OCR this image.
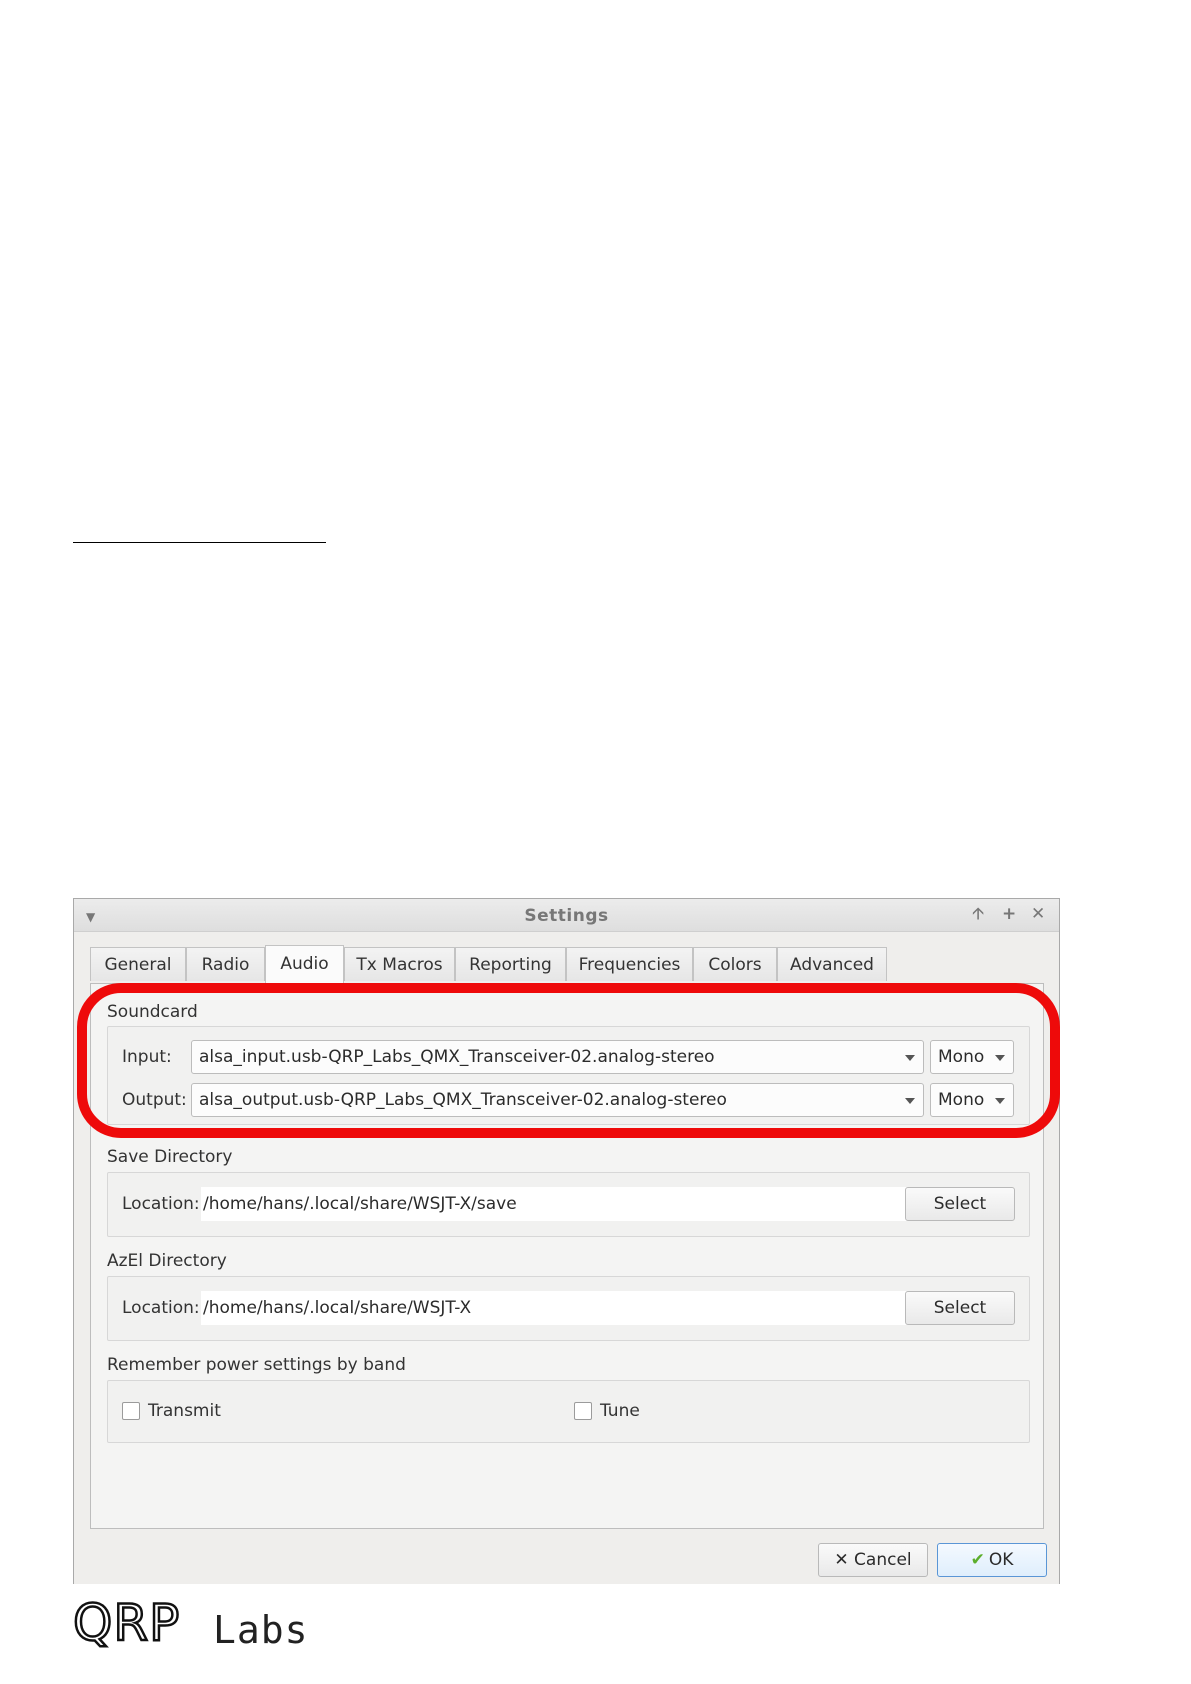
▼	Settings	🡩 + ✕
General	Radio	Audio	Tx Macros	Reporting	Frequencies	Colors	Advanced
Soundcard
Input:	alsa_input.usb-QRP_Labs_QMX_Transceiver-02.analog-stereo	Mono
Output: alsa_output.usb-QRP_Labs_QMX_Transceiver-02.analog-stereo	Mono
Save Directory
Location: /home/hans/.local/share/WSJT-X/save	Select
AzEl Directory
Location: /home/hans/.local/share/WSJT-X	Select
Remember power settings by band
Transmit	Tune
✕ Cancel	✔ OK
QRP Labs
